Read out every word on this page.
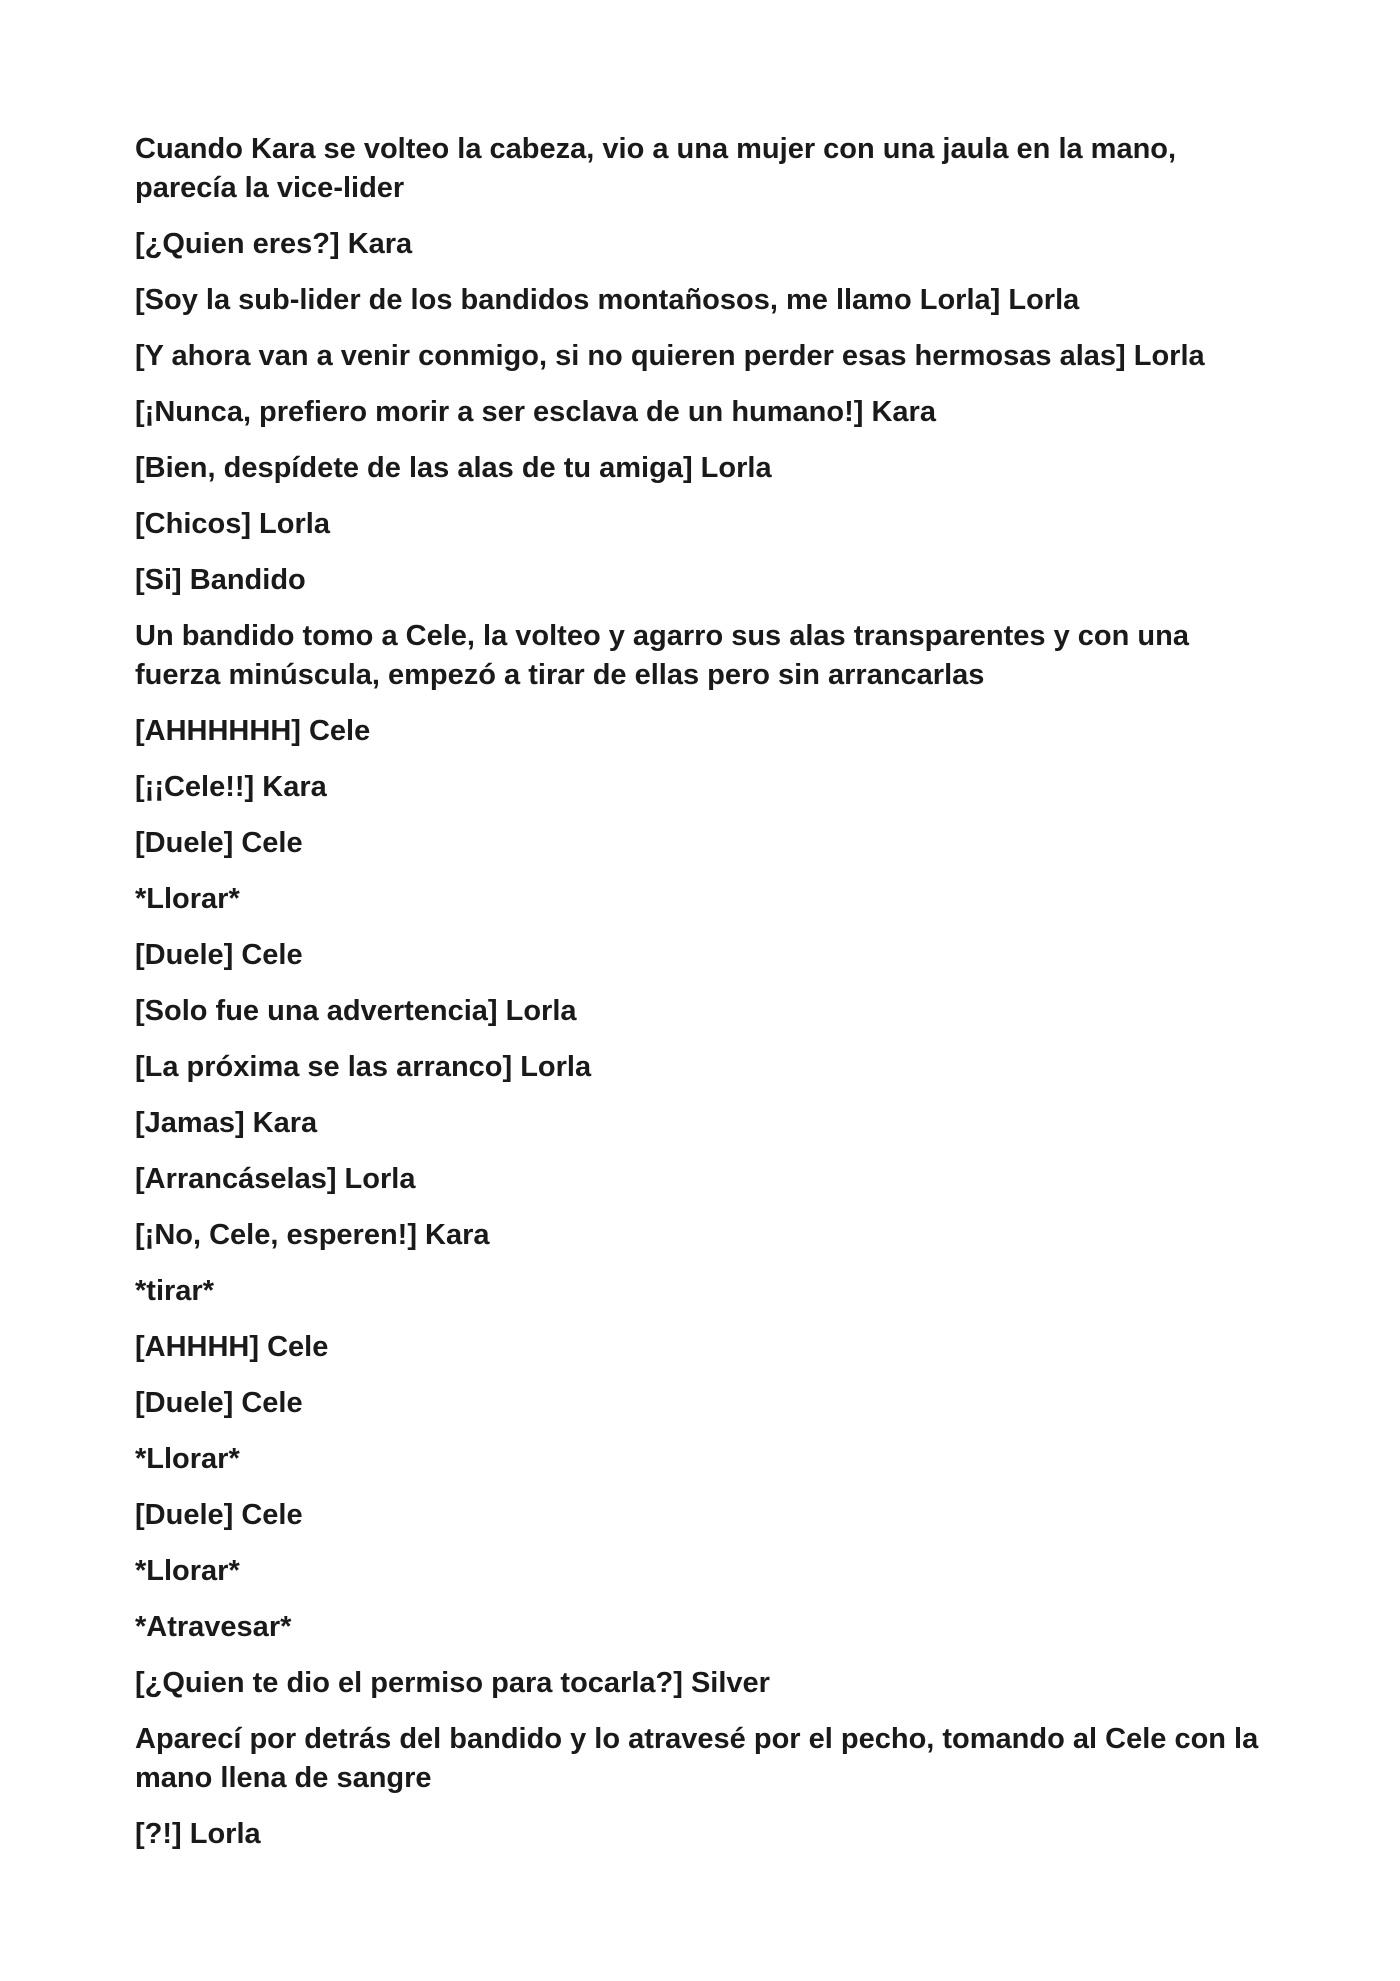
Cuando Kara se volteo la cabeza, vio a una mujer con una jaula en la mano, parecía la vice-lider

[¿Quien eres?] Kara

[Soy la sub-lider de los bandidos montañosos, me llamo Lorla] Lorla

[Y ahora van a venir conmigo, si no quieren perder esas hermosas alas] Lorla

[¡Nunca, prefiero morir a ser esclava de un humano!] Kara

[Bien, despídete de las alas de tu amiga] Lorla

[Chicos] Lorla

[Si] Bandido

Un bandido tomo a Cele, la volteo y agarro sus alas transparentes y con una fuerza minúscula, empezó a tirar de ellas pero sin arrancarlas

[AHHHHHH] Cele

[¡¡Cele!!] Kara

[Duele] Cele

*Llorar*

[Duele] Cele

[Solo fue una advertencia] Lorla

[La próxima se las arranco] Lorla

[Jamas] Kara

[Arrancáselas] Lorla

[¡No, Cele, esperen!] Kara

*tirar*

[AHHHH] Cele

[Duele] Cele

*Llorar*

[Duele] Cele

*Llorar*

*Atravesar*

[¿Quien te dio el permiso para tocarla?] Silver

Aparecí por detrás del bandido y lo atravesé por el pecho, tomando al Cele con la mano llena de sangre

[?!] Lorla
